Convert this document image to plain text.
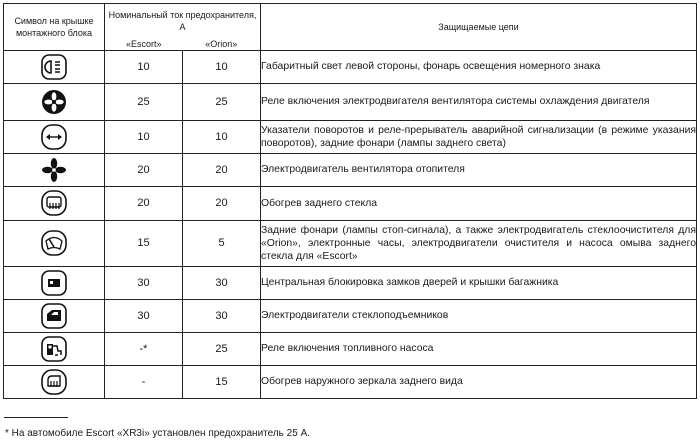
Символ на крышке монтажного блока	Номинальный ток предохранителя, А		Защищаемые цепи
	«Escort»	«Orion»	

	10	10	Габаритный свет левой стороны, фонарь освещения номерного знака

	25	25	Реле включения электродвигателя вентилятора системы охлаждения двигателя

	10	10	Указатели поворотов и реле-прерыватель аварийной сигнализации (в режиме указания поворотов), задние фонари (лампы заднего света)

	20	20	Электродвигатель вентилятора отопителя

	20	20	Обогрев заднего стекла

	15	5	Задние фонари (лампы стоп-сигнала), а также электродвигатель стеклоочистителя для «Orion», электронные часы, электродвигатели очистителя и насоса омыва заднего стекла для «Escort»

	30	30	Центральная блокировка замков дверей и крышки багажника

	30	30	Электродвигатели стеклоподъемников

	-*	25	Реле включения топливного насоса

	-	15	Обогрев наружного зеркала заднего вида
* На автомобиле Escort «XR3i» установлен предохранитель 25 А.
